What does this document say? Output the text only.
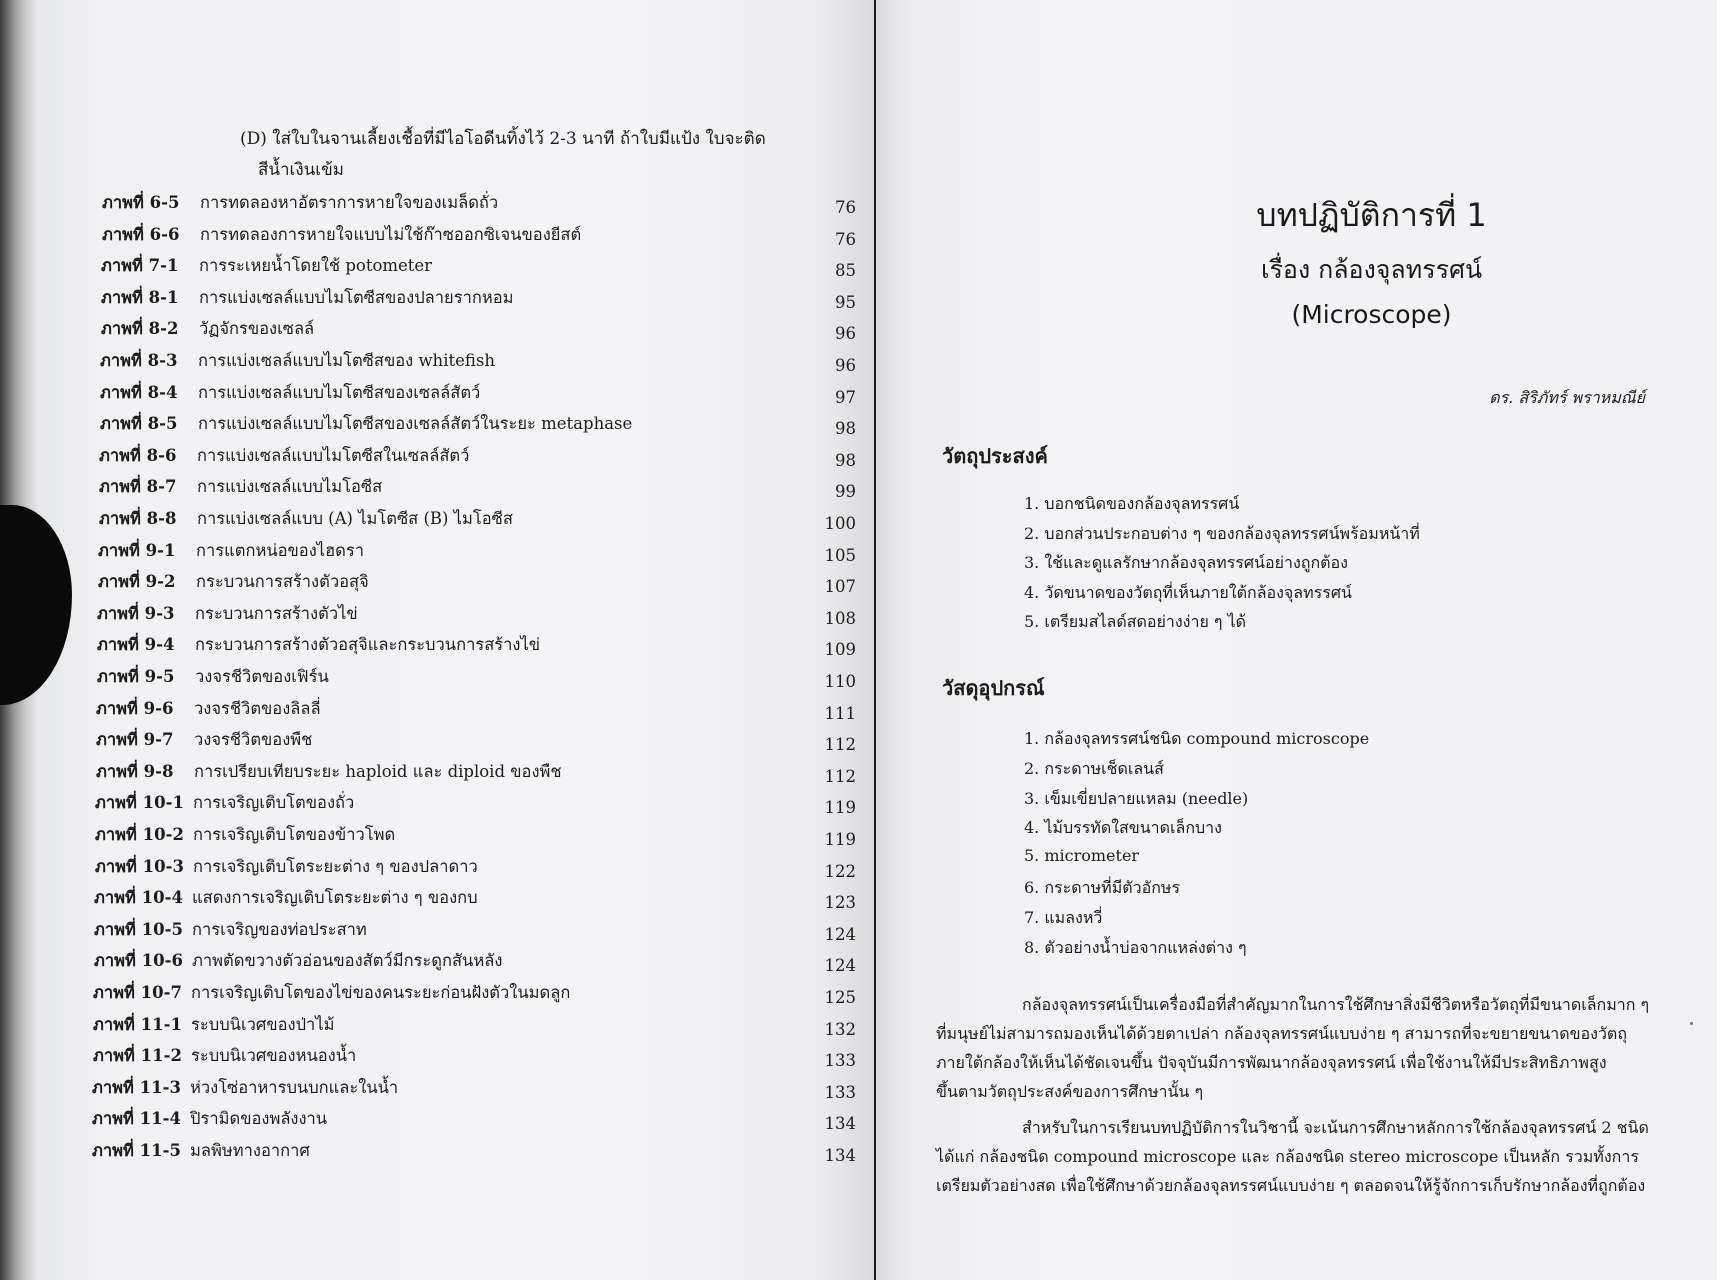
(D) ใส่ใบในจานเลี้ยงเชื้อที่มีไอโอดีนทิ้งไว้ 2-3 นาที ถ้าใบมีแป้ง ใบจะติด
สีน้ำเงินเข้ม
ภาพที่ 6-5 การทดลองหาอัตราการหายใจของเมล็ดถั่ว	76
ภาพที่ 6-6 การทดลองการหายใจแบบไม่ใช้ก๊าซออกซิเจนของยีสต์	76
ภาพที่ 7-1 การระเหยน้ำโดยใช้ potometer	85
ภาพที่ 8-1 การแบ่งเซลล์แบบไมโตซีสของปลายรากหอม	95
ภาพที่ 8-2 วัฏจักรของเซลล์	96
ภาพที่ 8-3 การแบ่งเซลล์แบบไมโตซีสของ whitefish	96
ภาพที่ 8-4 การแบ่งเซลล์แบบไมโตซีสของเซลล์สัตว์	97
ภาพที่ 8-5 การแบ่งเซลล์แบบไมโตซีสของเซลล์สัตว์ในระยะ metaphase	98
ภาพที่ 8-6 การแบ่งเซลล์แบบไมโตซีสในเซลล์สัตว์	98
ภาพที่ 8-7 การแบ่งเซลล์แบบไมโอซีส	99
ภาพที่ 8-8 การแบ่งเซลล์แบบ (A) ไมโตซีส (B) ไมโอซีส	100
ภาพที่ 9-1 การแตกหน่อของไฮดรา	105
ภาพที่ 9-2 กระบวนการสร้างตัวอสุจิ	107
ภาพที่ 9-3 กระบวนการสร้างตัวไข่	108
ภาพที่ 9-4 กระบวนการสร้างตัวอสุจิและกระบวนการสร้างไข่	109
ภาพที่ 9-5 วงจรชีวิตของเฟิร์น	110
ภาพที่ 9-6 วงจรชีวิตของลิลลี่	111
ภาพที่ 9-7 วงจรชีวิตของพืช	112
ภาพที่ 9-8 การเปรียบเทียบระยะ haploid และ diploid ของพืช	112
ภาพที่ 10-1 การเจริญเติบโตของถั่ว	119
ภาพที่ 10-2 การเจริญเติบโตของข้าวโพด	119
ภาพที่ 10-3 การเจริญเติบโตระยะต่าง ๆ ของปลาดาว	122
ภาพที่ 10-4 แสดงการเจริญเติบโตระยะต่าง ๆ ของกบ	123
ภาพที่ 10-5 การเจริญของท่อประสาท	124
ภาพที่ 10-6 ภาพตัดขวางตัวอ่อนของสัตว์มีกระดูกสันหลัง	124
ภาพที่ 10-7 การเจริญเติบโตของไข่ของคนระยะก่อนฝังตัวในมดลูก	125
ภาพที่ 11-1 ระบบนิเวศของป่าไม้	132
ภาพที่ 11-2 ระบบนิเวศของหนองน้ำ	133
ภาพที่ 11-3 ห่วงโซ่อาหารบนบกและในน้ำ	133
ภาพที่ 11-4 ปิรามิดของพลังงาน	134
ภาพที่ 11-5 มลพิษทางอากาศ	134
บทปฏิบัติการที่ 1
เรื่อง กล้องจุลทรรศน์
(Microscope)
ดร. สิริภัทร์ พราหมณีย์
วัตถุประสงค์
1. บอกชนิดของกล้องจุลทรรศน์
2. บอกส่วนประกอบต่าง ๆ ของกล้องจุลทรรศน์พร้อมหน้าที่
3. ใช้และดูแลรักษากล้องจุลทรรศน์อย่างถูกต้อง
4. วัดขนาดของวัตถุที่เห็นภายใต้กล้องจุลทรรศน์
5. เตรียมสไลด์สดอย่างง่าย ๆ ได้
วัสดุอุปกรณ์
1. กล้องจุลทรรศน์ชนิด compound microscope
2. กระดาษเช็ดเลนส์
3. เข็มเขี่ยปลายแหลม (needle)
4. ไม้บรรทัดใสขนาดเล็กบาง
5. micrometer
6. กระดาษที่มีตัวอักษร
7. แมลงหวี่
8. ตัวอย่างน้ำบ่อจากแหล่งต่าง ๆ
กล้องจุลทรรศน์เป็นเครื่องมือที่สำคัญมากในการใช้ศึกษาสิ่งมีชีวิตหรือวัตถุที่มีขนาดเล็กมาก ๆ
ที่มนุษย์ไม่สามารถมองเห็นได้ด้วยตาเปล่า กล้องจุลทรรศน์แบบง่าย ๆ สามารถที่จะขยายขนาดของวัตถุ
ภายใต้กล้องให้เห็นได้ชัดเจนขึ้น ปัจจุบันมีการพัฒนากล้องจุลทรรศน์ เพื่อใช้งานให้มีประสิทธิภาพสูง
ขึ้นตามวัตถุประสงค์ของการศึกษานั้น ๆ
สำหรับในการเรียนบทปฏิบัติการในวิชานี้ จะเน้นการศึกษาหลักการใช้กล้องจุลทรรศน์ 2 ชนิด
ได้แก่ กล้องชนิด compound microscope และ กล้องชนิด stereo microscope เป็นหลัก รวมทั้งการ
เตรียมตัวอย่างสด เพื่อใช้ศึกษาด้วยกล้องจุลทรรศน์แบบง่าย ๆ ตลอดจนให้รู้จักการเก็บรักษากล้องที่ถูกต้อง
